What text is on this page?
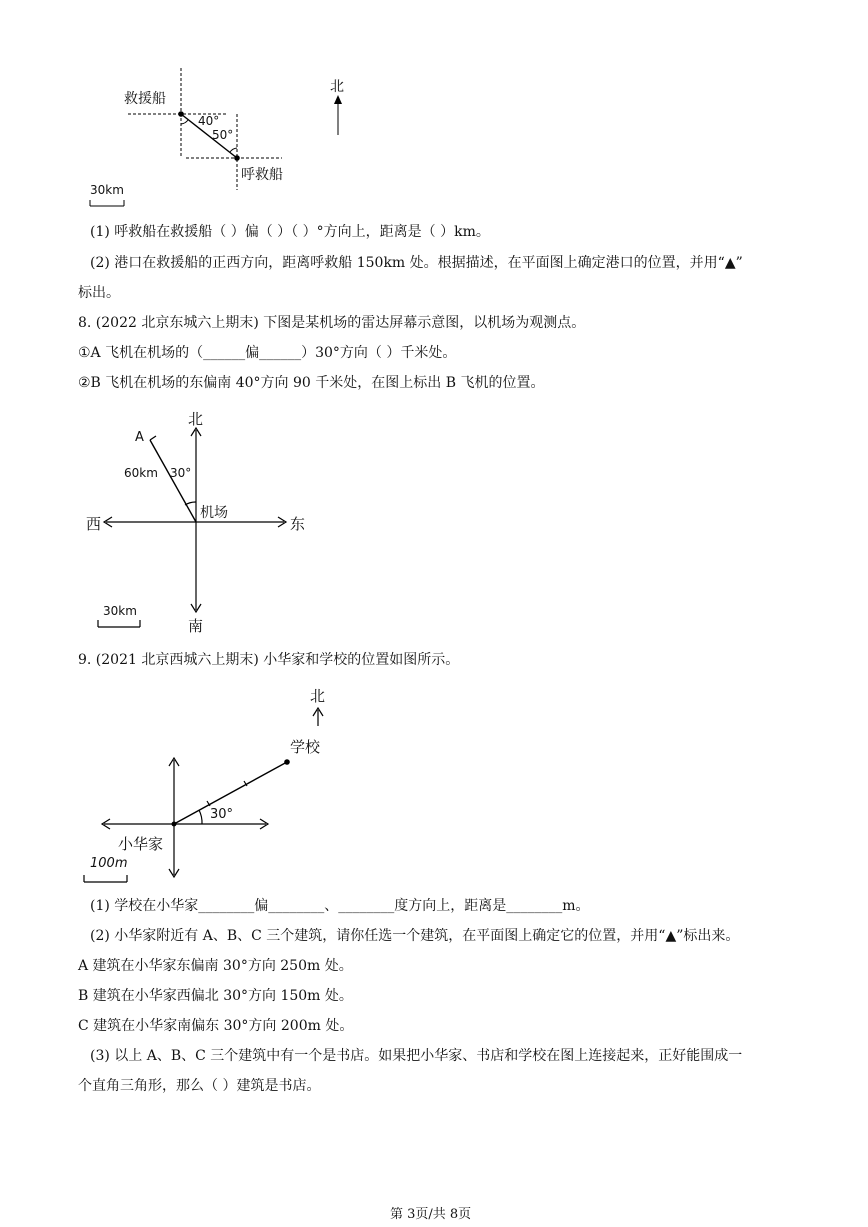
救援船
呼救船
北
40°
50°
30km
(1) 呼救船在救援船（ ）偏（ ）（ ）°方向上，距离是（ ）km。
(2) 港口在救援船的正西方向，距离呼救船 150km 处。根据描述，在平面图上确定港口的位置，并用“▲”
标出。
8. (2022 北京东城六上期末) 下图是某机场的雷达屏幕示意图，以机场为观测点。
①A 飞机在机场的（______偏______）30°方向（ ）千米处。
②B 飞机在机场的东偏南 40°方向 90 千米处，在图上标出 B 飞机的位置。
北
南
东
西
机场
A
60km 30°
30km
9. (2021 北京西城六上期末) 小华家和学校的位置如图所示。
北
学校
小华家
30°
100m
(1) 学校在小华家________偏________、________度方向上，距离是________m。
(2) 小华家附近有 A、B、C 三个建筑，请你任选一个建筑，在平面图上确定它的位置，并用“▲”标出来。
A 建筑在小华家东偏南 30°方向 250m 处。
B 建筑在小华家西偏北 30°方向 150m 处。
C 建筑在小华家南偏东 30°方向 200m 处。
(3) 以上 A、B、C 三个建筑中有一个是书店。如果把小华家、书店和学校在图上连接起来，正好能围成一
个直角三角形，那么（ ）建筑是书店。
第 3页/共 8页
